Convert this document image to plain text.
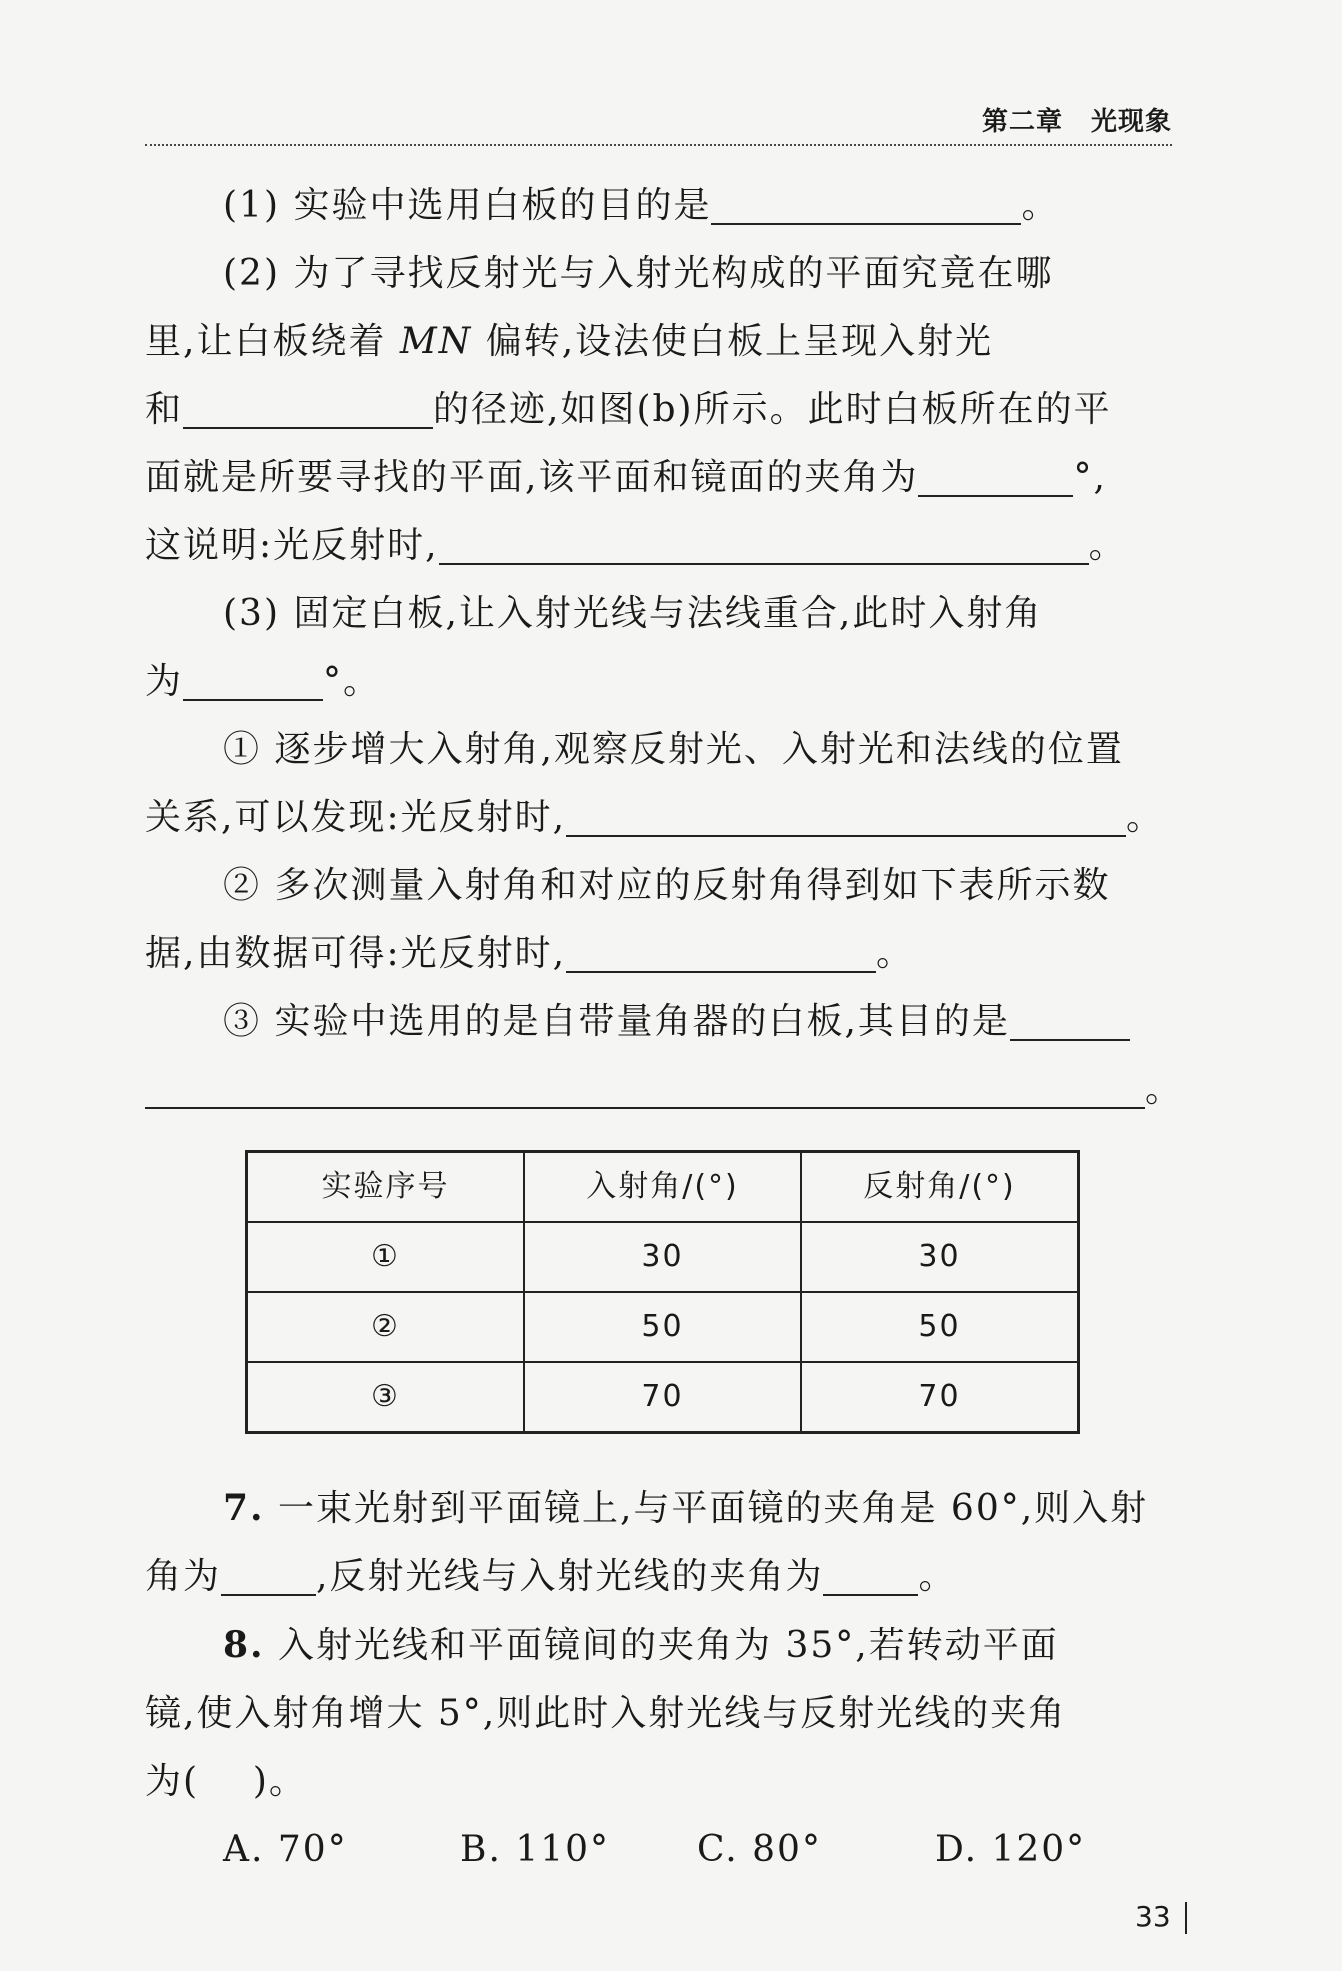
第二章 光现象

(1) 实验中选用白板的目的是	。

(2) 为了寻找反射光与入射光构成的平面究竟在哪

里,让白板绕着 MN 偏转,设法使白板上呈现入射光

和	的径迹,如图(b)所示。此时白板所在的平

面就是所要寻找的平面,该平面和镜面的夹角为	°,

这说明:光反射时,	。

(3) 固定白板,让入射光线与法线重合,此时入射角

为	°。

① 逐步增大入射角,观察反射光、入射光和法线的位置

关系,可以发现:光反射时,	。

② 多次测量入射角和对应的反射角得到如下表所示数

据,由数据可得:光反射时,	。

③ 实验中选用的是自带量角器的白板,其目的是

。

实验序号	入射角/(°)	反射角/(°)
①	30	30
②	50	50
③	70	70

7. 一束光射到平面镜上,与平面镜的夹角是 60°,则入射

角为	,反射光线与入射光线的夹角为	。

8. 入射光线和平面镜间的夹角为 35°,若转动平面

镜,使入射角增大 5°,则此时入射光线与反射光线的夹角

为(    )。

A. 70°	B. 110° C. 80°	D. 120°
33
